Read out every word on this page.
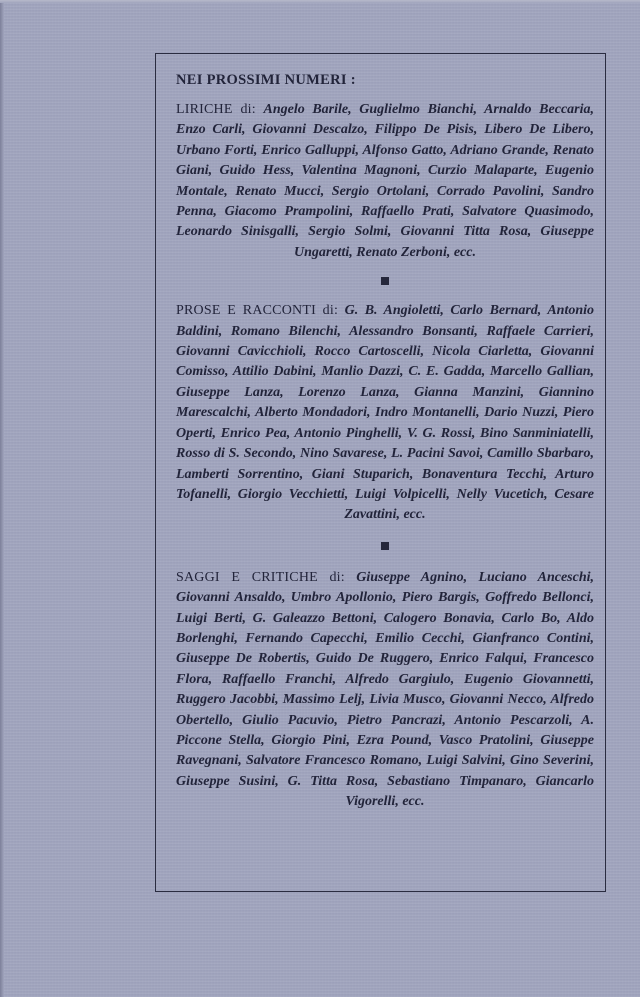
NEI PROSSIMI NUMERI :

LIRICHE di: Angelo Barile, Guglielmo Bianchi, Arnaldo Beccaria, Enzo Carli, Giovanni Descalzo, Filippo De Pisis, Libero De Libero, Urbano Forti, Enrico Galluppi, Alfonso Gatto, Adriano Grande, Renato Giani, Guido Hess, Valentina Magnoni, Curzio Malaparte, Eugenio Montale, Renato Mucci, Sergio Ortolani, Corrado Pavolini, Sandro Penna, Giacomo Prampolini, Raffaello Prati, Salvatore Quasimodo, Leonardo Sinisgalli, Sergio Solmi, Giovanni Titta Rosa, Giuseppe Ungaretti, Renato Zerboni, ecc.

PROSE E RACCONTI di: G. B. Angioletti, Carlo Bernard, Antonio Baldini, Romano Bilenchi, Alessandro Bonsanti, Raffaele Carrieri, Giovanni Cavicchioli, Rocco Cartoscelli, Nicola Ciarletta, Giovanni Comisso, Attilio Dabini, Manlio Dazzi, C. E. Gadda, Marcello Gallian, Giuseppe Lanza, Lorenzo Lanza, Gianna Manzini, Giannino Marescalchi, Alberto Mondadori, Indro Montanelli, Dario Nuzzi, Piero Operti, Enrico Pea, Antonio Pinghelli, V. G. Rossi, Bino Sanminiatelli, Rosso di S. Secondo, Nino Savarese, L. Pacini Savoi, Camillo Sbarbaro, Lamberti Sorrentino, Giani Stuparich, Bonaventura Tecchi, Arturo Tofanelli, Giorgio Vecchietti, Luigi Volpicelli, Nelly Vucetich, Cesare Zavattini, ecc.

SAGGI E CRITICHE di: Giuseppe Agnino, Luciano Anceschi, Giovanni Ansaldo, Umbro Apollonio, Piero Bargis, Goffredo Bellonci, Luigi Berti, G. Galeazzo Bettoni, Calogero Bonavia, Carlo Bo, Aldo Borlenghi, Fernando Capecchi, Emilio Cecchi, Gianfranco Contini, Giuseppe De Robertis, Guido De Ruggero, Enrico Falqui, Francesco Flora, Raffaello Franchi, Alfredo Gargiulo, Eugenio Giovannetti, Ruggero Jacobbi, Massimo Lelj, Livia Musco, Giovanni Necco, Alfredo Obertello, Giulio Pacuvio, Pietro Pancrazi, Antonio Pescarzoli, A. Piccone Stella, Giorgio Pini, Ezra Pound, Vasco Pratolini, Giuseppe Ravegnani, Salvatore Francesco Romano, Luigi Salvini, Gino Severini, Giuseppe Susini, G. Titta Rosa, Sebastiano Timpanaro, Giancarlo Vigorelli, ecc.
